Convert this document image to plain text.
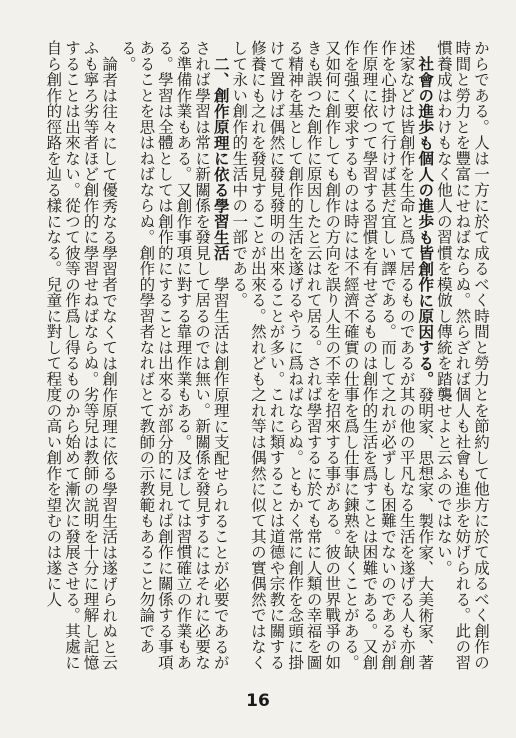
からである。人は一方に於て成るべく時間と勞力とを節約して他方に於て成るべく創作の時間と勞力とを豐富にせねばならぬ。然らざれば個人も社會も進歩を妨げられる。此の習慣養成はわけもなく他人の習慣を模倣し傳統を踏襲せよと云ふのではない。
社會の進歩も個人の進歩も皆創作に原因する。發明家、思想家、製作家、大美術家、著述家などは皆創作を生命と爲て居るものであるが其の他の平凡なる生活を遂げる人も亦創作を心掛けて行けば甚だ宜しい譯である。而して之れが必ずしも困難でないのであるが創作原理に依つて學習する習慣を有せざるものは創作的生活を爲すことは困難である。又創作を强く要求するものは時には不經濟不確實の仕事を爲し仕事に鍊熟を缺くことがある。又如何に創作しても創作の方向を誤り人生の不幸を招來する事がある。彼の世界戰爭の如きも誤つた創作に原因したと云はれて居る。されば學習するに於ても常に人類の幸福を圖る精神を基として創作的生活を遂げるやうに爲ねばならぬ。ともかく常に創作を念頭に掛けて置けば偶然に發見發明の出來ることが多い。これに類することは道德や宗教に關する修養にも之れを發見することが出來る。然れども之れ等は偶然に似て其の實偶然ではなくして永い創作的生活中の一部である。
二、創作原理に依る學習生活　學習生活は創作原理に支配せられることが必要であるがされば學習は常に新關係を發見して居るのでは無い。新關係を發見するにはそれに必要なる準備作業もある。又創作事項に對する靠理作業もある。及ぼしては習慣確立の作業もある。學習は全體としては創作的にすることは出來るが部分的に見れば創作に關係する事項あることを思はねばならぬ。創作的學習者なればとて教師の示教範もあること勿論である。
論者は往々にして優秀なる學習者でなくては創作原理に依る學習生活は遂げられぬと云ふも寧ろ劣等者ほど創作的に學習せねばならぬ。劣等兒は教師の説明を十分に理解し記憶することは出來ない。從つて彼等の作爲し得るものから始めて漸次に發展させる。其處に自ら創作的徑路を辿る樣になる。兒童に對して程度の高い創作を望むのは遂に人
16
